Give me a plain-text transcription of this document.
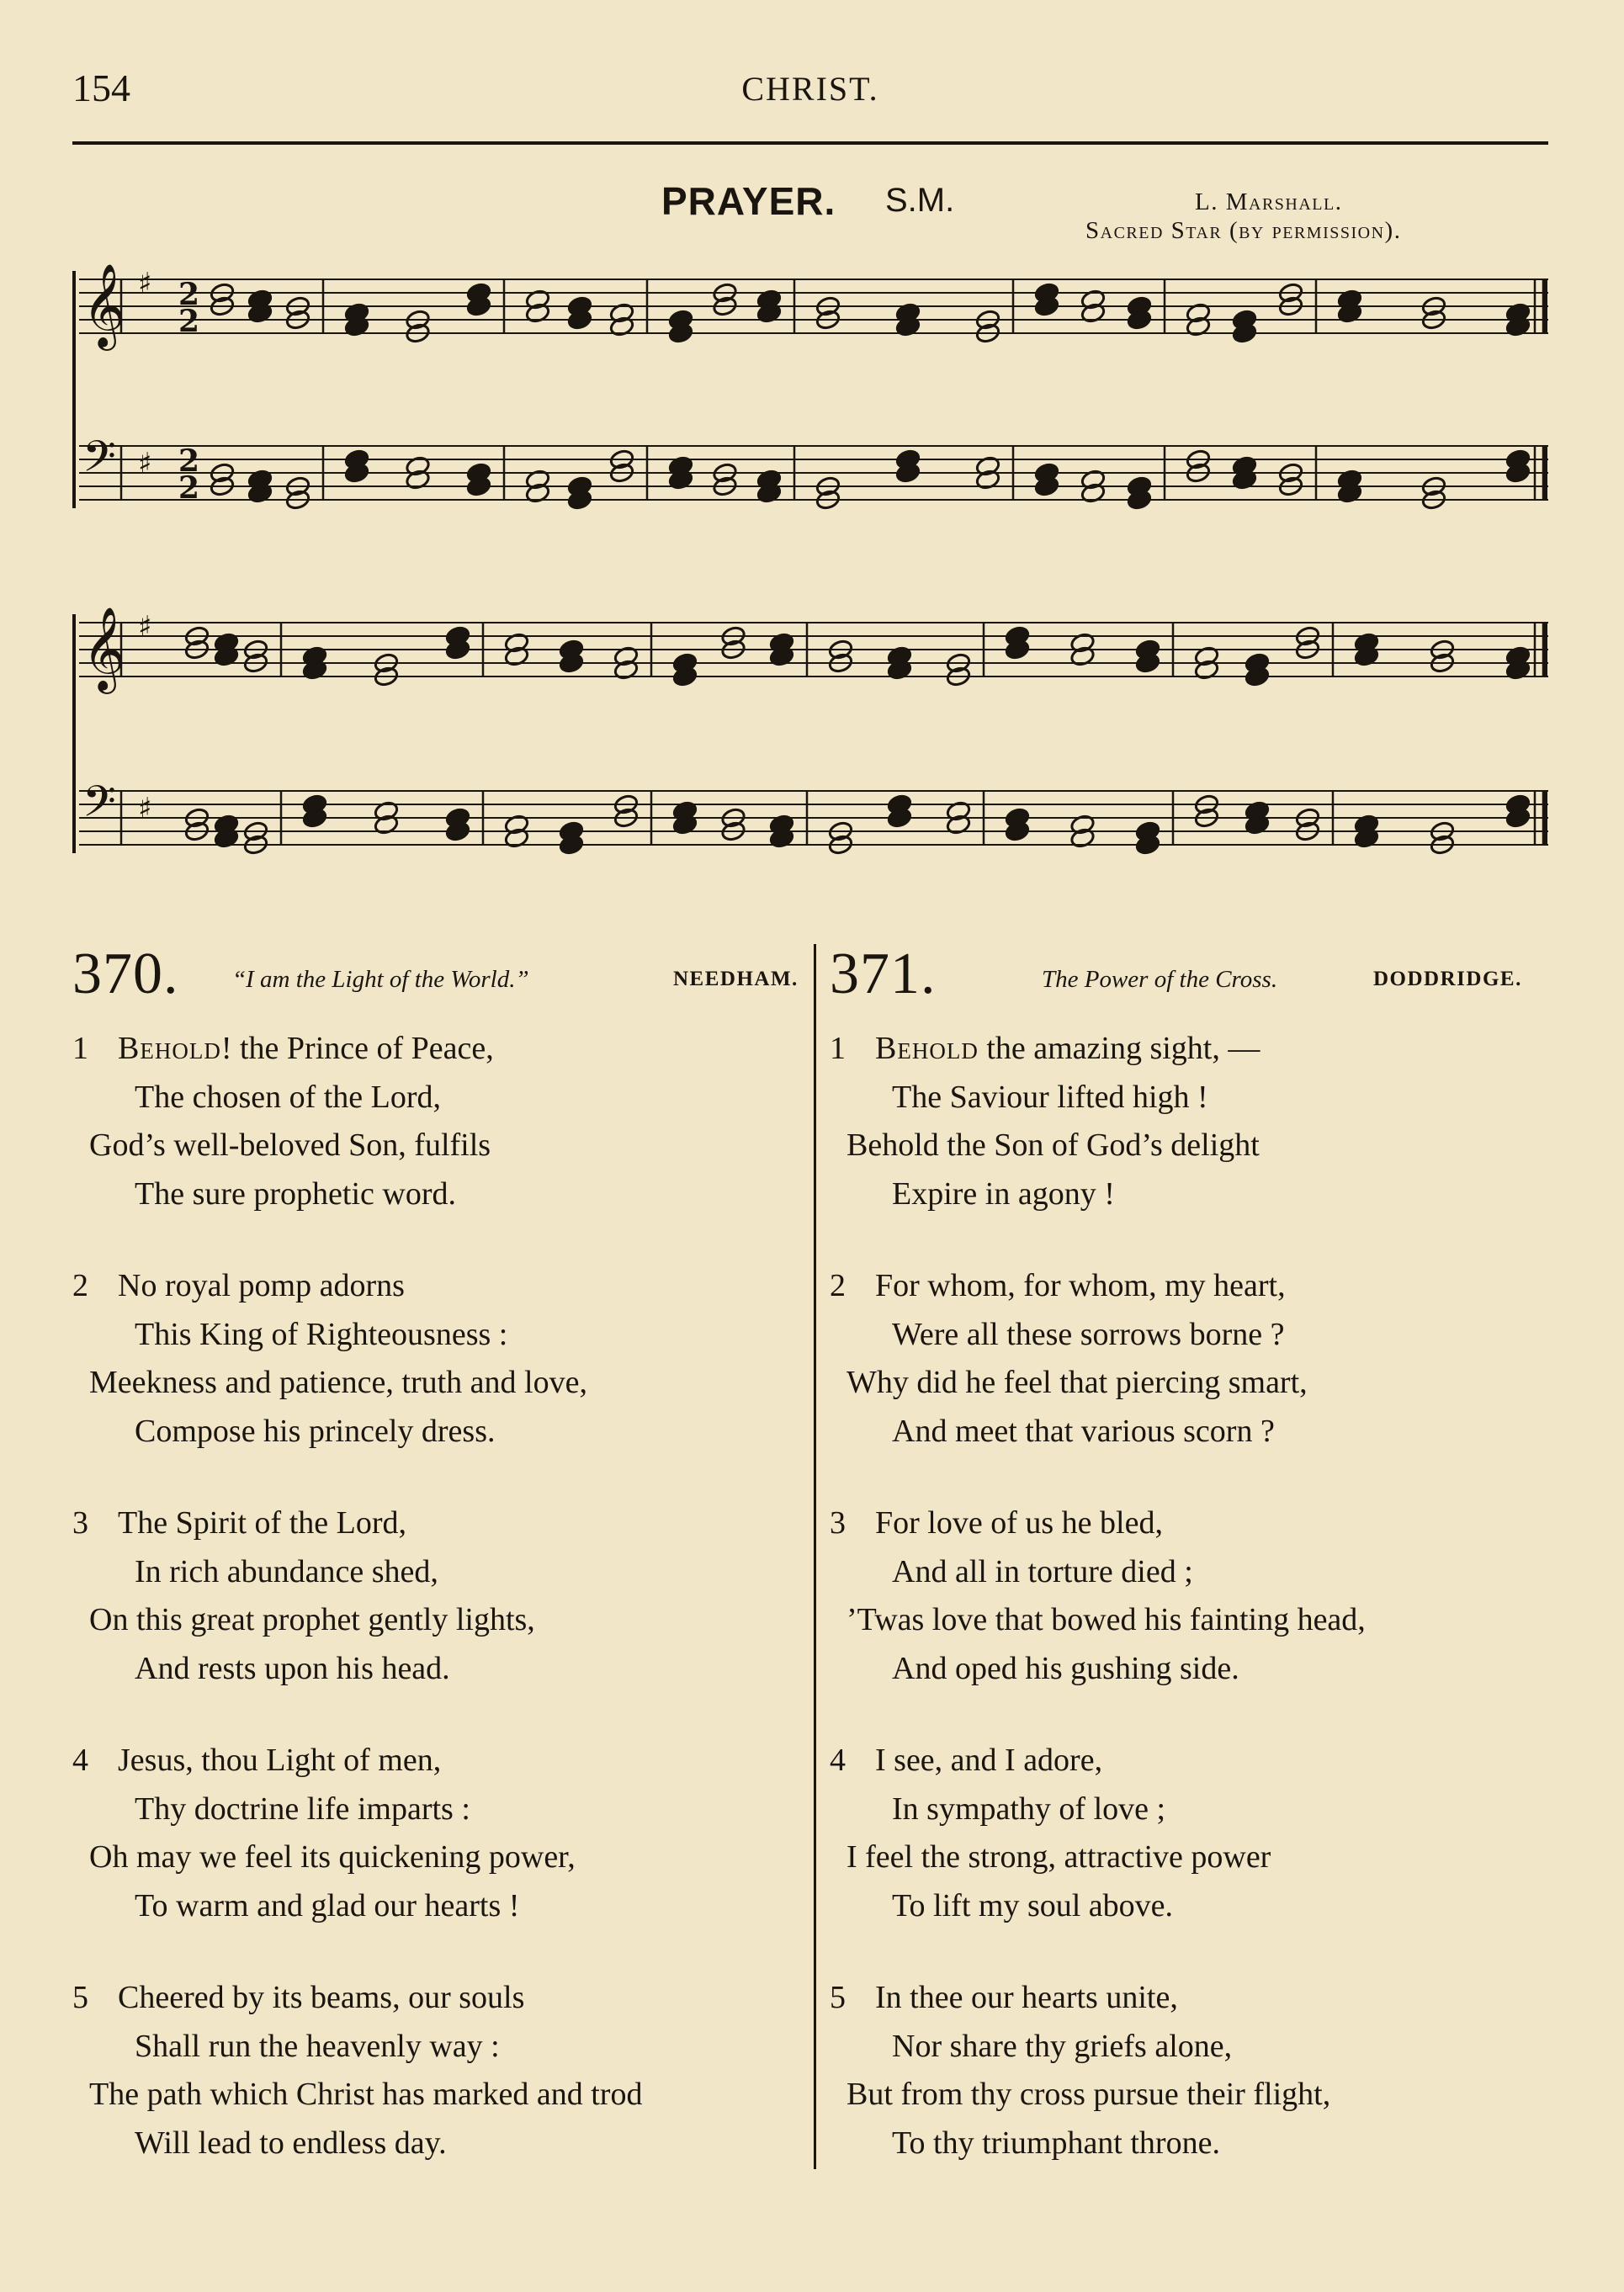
154	CHRIST.
PRAYER. S.M.	L. Marshall.
Sacred Star (by permission).
𝄞 ♯ 2
2
𝄢 ♯ 2
2
𝄞 ♯
𝄢 ♯
370. “I am the Light of the World.”	NEEDHAM.
1 Behold! the Prince of Peace,
The chosen of the Lord,
God’s well-beloved Son, fulfils
The sure prophetic word.
2 No royal pomp adorns
This King of Righteousness :
Meekness and patience, truth and love,
Compose his princely dress.
3 The Spirit of the Lord,
In rich abundance shed,
On this great prophet gently lights,
And rests upon his head.
4 Jesus, thou Light of men,
Thy doctrine life imparts :
Oh may we feel its quickening power,
To warm and glad our hearts !
5 Cheered by its beams, our souls
Shall run the heavenly way :
The path which Christ has marked and trod
Will lead to endless day.
371.	The Power of the Cross.	DODDRIDGE.
1 Behold the amazing sight, —
The Saviour lifted high !
Behold the Son of God’s delight
Expire in agony !
2 For whom, for whom, my heart,
Were all these sorrows borne ?
Why did he feel that piercing smart,
And meet that various scorn ?
3 For love of us he bled,
And all in torture died ;
’Twas love that bowed his fainting head,
And oped his gushing side.
4 I see, and I adore,
In sympathy of love ;
I feel the strong, attractive power
To lift my soul above.
5 In thee our hearts unite,
Nor share thy griefs alone,
But from thy cross pursue their flight,
To thy triumphant throne.
